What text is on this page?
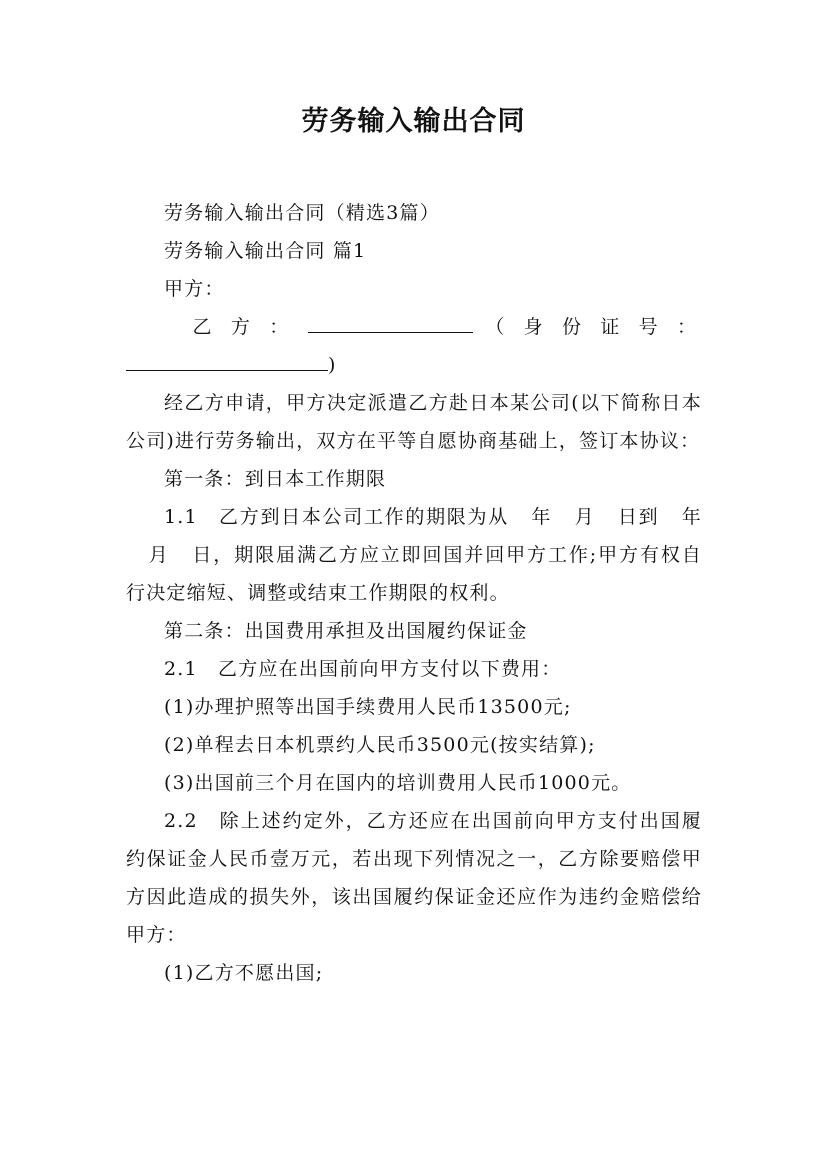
劳务输入输出合同

劳务输入输出合同（精选3篇）

劳务输入输出合同 篇1

甲方：

乙 方 ：	（ 身 份 证 号 ：

)

经乙方申请，甲方决定派遣乙方赴日本某公司(以下简称日本公司)进行劳务输出，双方在平等自愿协商基础上，签订本协议：

第一条：到日本工作期限

1.1　乙方到日本公司工作的期限为从 年 月 日到 年月 日，期限届满乙方应立即回国并回甲方工作;甲方有权自行决定缩短、调整或结束工作期限的权利。

第二条：出国费用承担及出国履约保证金

2.1　乙方应在出国前向甲方支付以下费用：

(1)办理护照等出国手续费用人民币13500元;

(2)单程去日本机票约人民币3500元(按实结算);

(3)出国前三个月在国内的培训费用人民币1000元。

2.2　除上述约定外，乙方还应在出国前向甲方支付出国履约保证金人民币壹万元，若出现下列情况之一，乙方除要赔偿甲方因此造成的损失外，该出国履约保证金还应作为违约金赔偿给甲方：

(1)乙方不愿出国;
